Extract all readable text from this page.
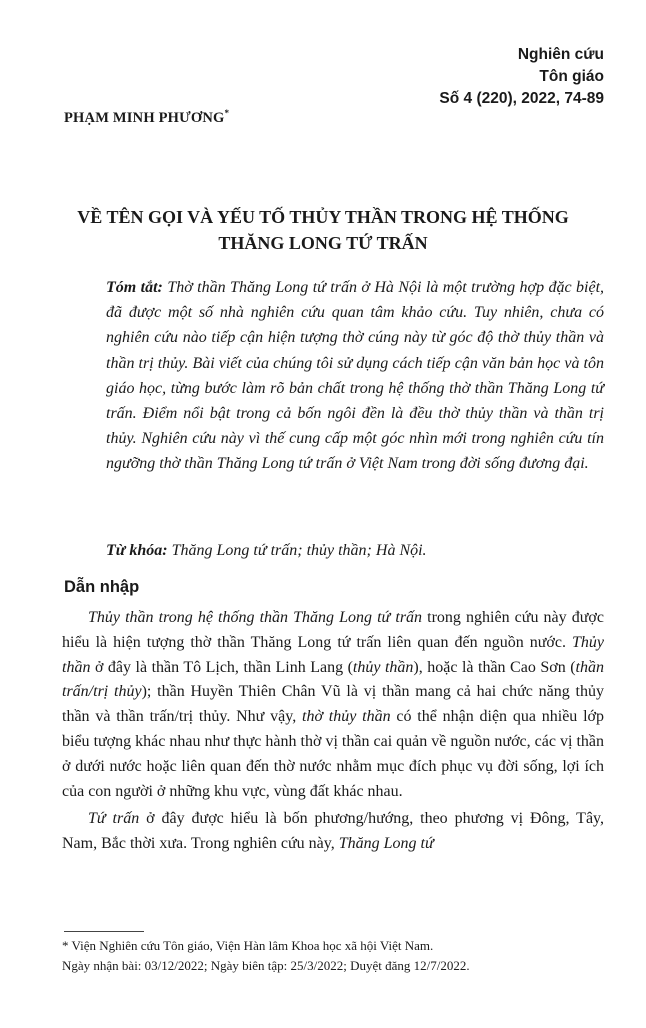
Nghiên cứu
Tôn giáo
Số 4 (220), 2022, 74-89
PHẠM MINH PHƯƠNG*
VỀ TÊN GỌI VÀ YẾU TỐ THỦY THẦN TRONG HỆ THỐNG
THĂNG LONG TỨ TRẤN
Tóm tắt: Thờ thần Thăng Long tứ trấn ở Hà Nội là một trường hợp đặc biệt, đã được một số nhà nghiên cứu quan tâm khảo cứu. Tuy nhiên, chưa có nghiên cứu nào tiếp cận hiện tượng thờ cúng này từ góc độ thờ thủy thần và thần trị thủy. Bài viết của chúng tôi sử dụng cách tiếp cận văn bản học và tôn giáo học, từng bước làm rõ bản chất trong hệ thống thờ thần Thăng Long tứ trấn. Điểm nổi bật trong cả bốn ngôi đền là đều thờ thủy thần và thần trị thủy. Nghiên cứu này vì thế cung cấp một góc nhìn mới trong nghiên cứu tín ngưỡng thờ thần Thăng Long tứ trấn ở Việt Nam trong đời sống đương đại.
Từ khóa: Thăng Long tứ trấn; thủy thần; Hà Nội.
Dẫn nhập

Thủy thần trong hệ thống thần Thăng Long tứ trấn trong nghiên cứu này được hiểu là hiện tượng thờ thần Thăng Long tứ trấn liên quan đến nguồn nước. Thủy thần ở đây là thần Tô Lịch, thần Linh Lang (thủy thần), hoặc là thần Cao Sơn (thần trấn/trị thủy); thần Huyền Thiên Chân Vũ là vị thần mang cả hai chức năng thủy thần và thần trấn/trị thủy. Như vậy, thờ thủy thần có thể nhận diện qua nhiều lớp biểu tượng khác nhau như thực hành thờ vị thần cai quản về nguồn nước, các vị thần ở dưới nước hoặc liên quan đến thờ nước nhằm mục đích phục vụ đời sống, lợi ích của con người ở những khu vực, vùng đất khác nhau.

Tứ trấn ở đây được hiểu là bốn phương/hướng, theo phương vị Đông, Tây, Nam, Bắc thời xưa. Trong nghiên cứu này, Thăng Long tứ

* Viện Nghiên cứu Tôn giáo, Viện Hàn lâm Khoa học xã hội Việt Nam.
Ngày nhận bài: 03/12/2022; Ngày biên tập: 25/3/2022; Duyệt đăng 12/7/2022.
